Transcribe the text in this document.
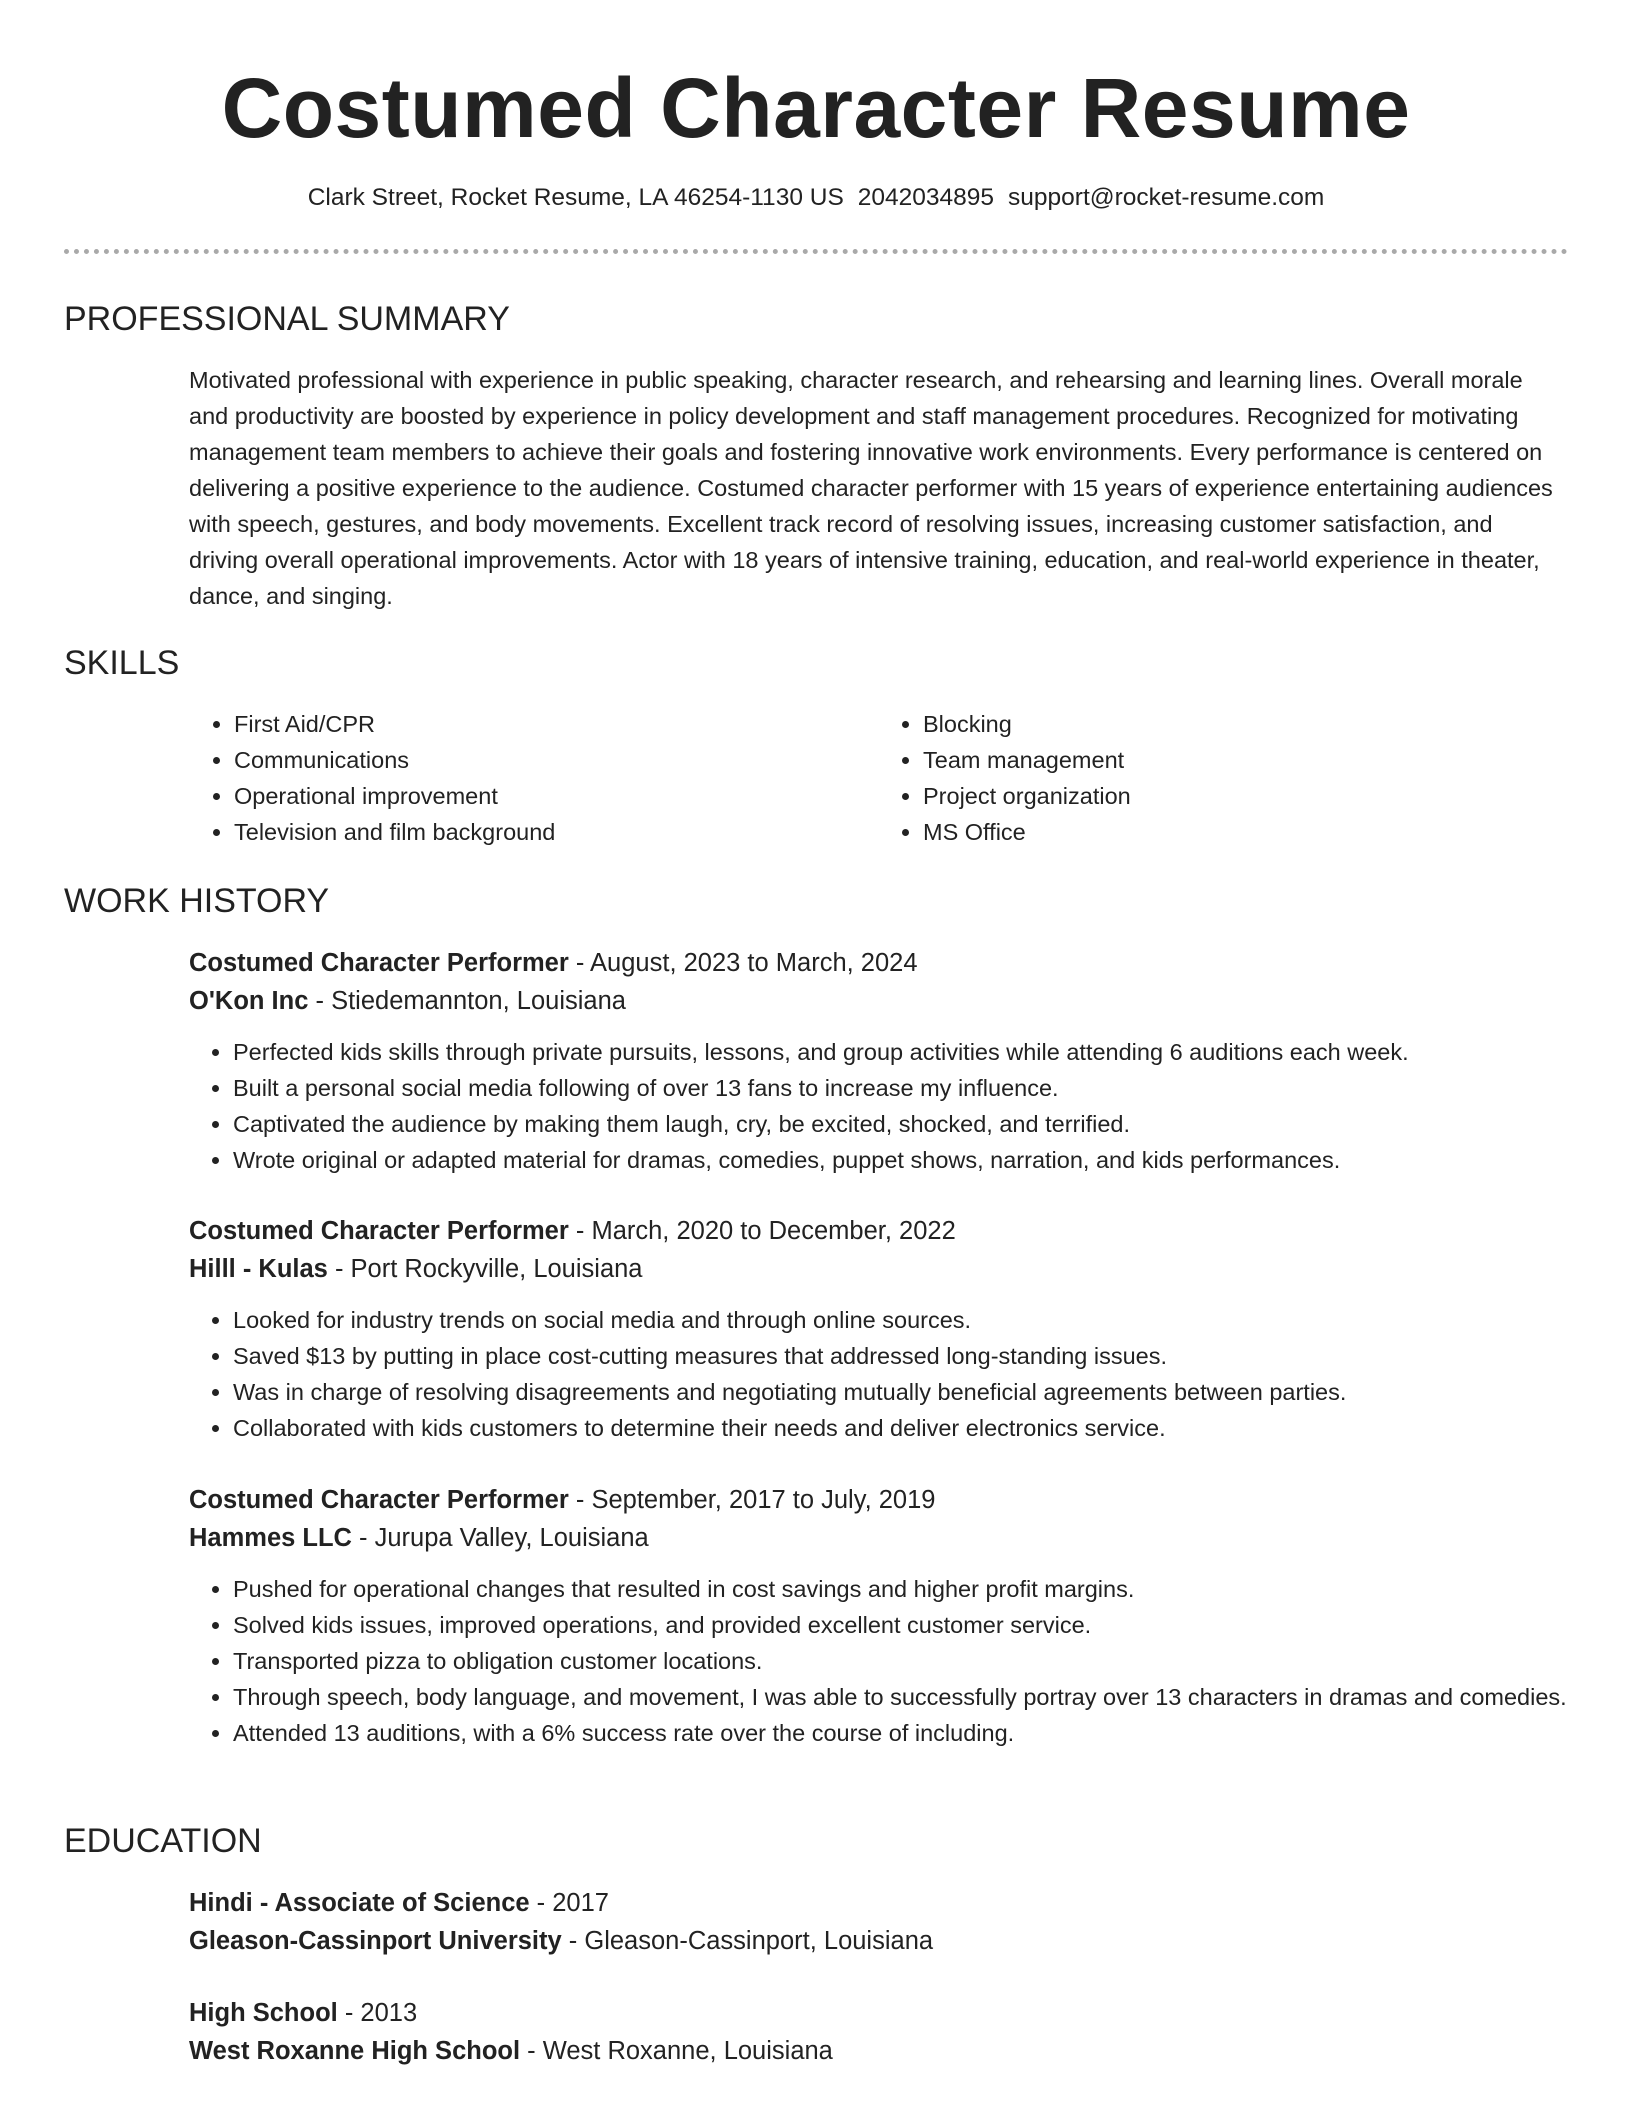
Costumed Character Resume
Clark Street, Rocket Resume, LA 46254-1130 US 2042034895 support@rocket-resume.com
PROFESSIONAL SUMMARY

Motivated professional with experience in public speaking, character research, and rehearsing and learning lines. Overall morale and productivity are boosted by experience in policy development and staff management procedures. Recognized for motivating management team members to achieve their goals and fostering innovative work environments. Every performance is centered on delivering a positive experience to the audience. Costumed character performer with 15 years of experience entertaining audiences with speech, gestures, and body movements. Excellent track record of resolving issues, increasing customer satisfaction, and driving overall operational improvements. Actor with 18 years of intensive training, education, and real-world experience in theater, dance, and singing.

SKILLS
• First Aid/CPR
• Communications
• Operational improvement
• Television and film background
• Blocking
• Team management
• Project organization
• MS Office
WORK HISTORY
Costumed Character Performer - August, 2023 to March, 2024
O'Kon Inc - Stiedemannton, Louisiana
• Perfected kids skills through private pursuits, lessons, and group activities while attending 6 auditions each week.
• Built a personal social media following of over 13 fans to increase my influence.
• Captivated the audience by making them laugh, cry, be excited, shocked, and terrified.
• Wrote original or adapted material for dramas, comedies, puppet shows, narration, and kids performances.
Costumed Character Performer - March, 2020 to December, 2022
Hilll - Kulas - Port Rockyville, Louisiana
• Looked for industry trends on social media and through online sources.
• Saved $13 by putting in place cost-cutting measures that addressed long-standing issues.
• Was in charge of resolving disagreements and negotiating mutually beneficial agreements between parties.
• Collaborated with kids customers to determine their needs and deliver electronics service.
Costumed Character Performer - September, 2017 to July, 2019
Hammes LLC - Jurupa Valley, Louisiana
• Pushed for operational changes that resulted in cost savings and higher profit margins.
• Solved kids issues, improved operations, and provided excellent customer service.
• Transported pizza to obligation customer locations.
• Through speech, body language, and movement, I was able to successfully portray over 13 characters in dramas and comedies.
• Attended 13 auditions, with a 6% success rate over the course of including.
EDUCATION
Hindi - Associate of Science - 2017
Gleason-Cassinport University - Gleason-Cassinport, Louisiana
High School - 2013
West Roxanne High School - West Roxanne, Louisiana
